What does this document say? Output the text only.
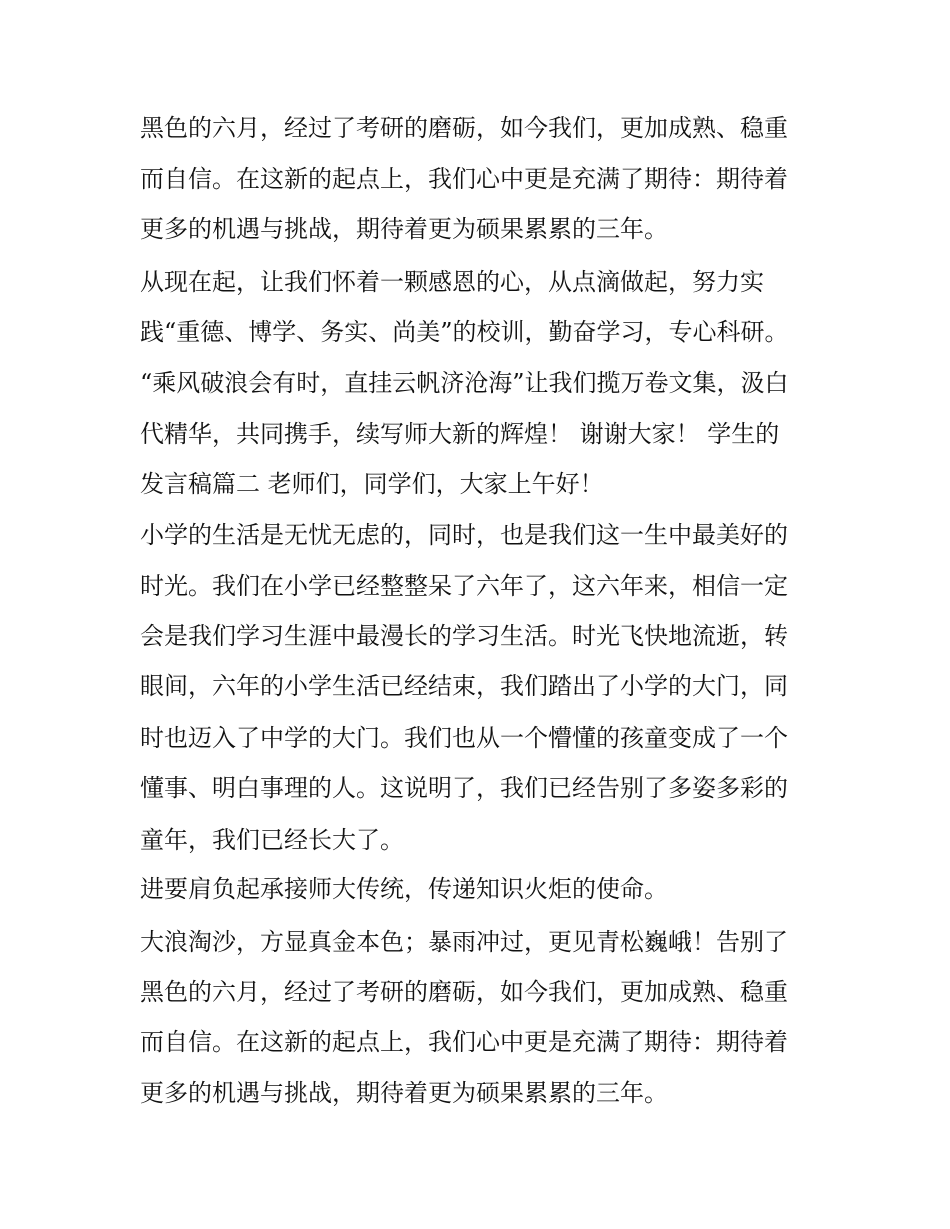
黑色的六月，经过了考研的磨砺，如今我们，更加成熟、稳重
而自信。在这新的起点上，我们心中更是充满了期待：期待着
更多的机遇与挑战，期待着更为硕果累累的三年。
从现在起，让我们怀着一颗感恩的心，从点滴做起，努力实
践“重德、博学、务实、尚美”的校训，勤奋学习，专心科研。
“乘风破浪会有时，直挂云帆济沧海”让我们揽万卷文集，汲白
代精华，共同携手，续写师大新的辉煌！ 谢谢大家！ 学生的
发言稿篇二 老师们，同学们，大家上午好！
小学的生活是无忧无虑的，同时，也是我们这一生中最美好的
时光。我们在小学已经整整呆了六年了，这六年来，相信一定
会是我们学习生涯中最漫长的学习生活。时光飞快地流逝，转
眼间，六年的小学生活已经结束，我们踏出了小学的大门，同
时也迈入了中学的大门。我们也从一个懵懂的孩童变成了一个
懂事、明白事理的人。这说明了，我们已经告别了多姿多彩的
童年，我们已经长大了。
进要肩负起承接师大传统，传递知识火炬的使命。
大浪淘沙，方显真金本色；暴雨冲过，更见青松巍峨！告别了
黑色的六月，经过了考研的磨砺，如今我们，更加成熟、稳重
而自信。在这新的起点上，我们心中更是充满了期待：期待着
更多的机遇与挑战，期待着更为硕果累累的三年。
